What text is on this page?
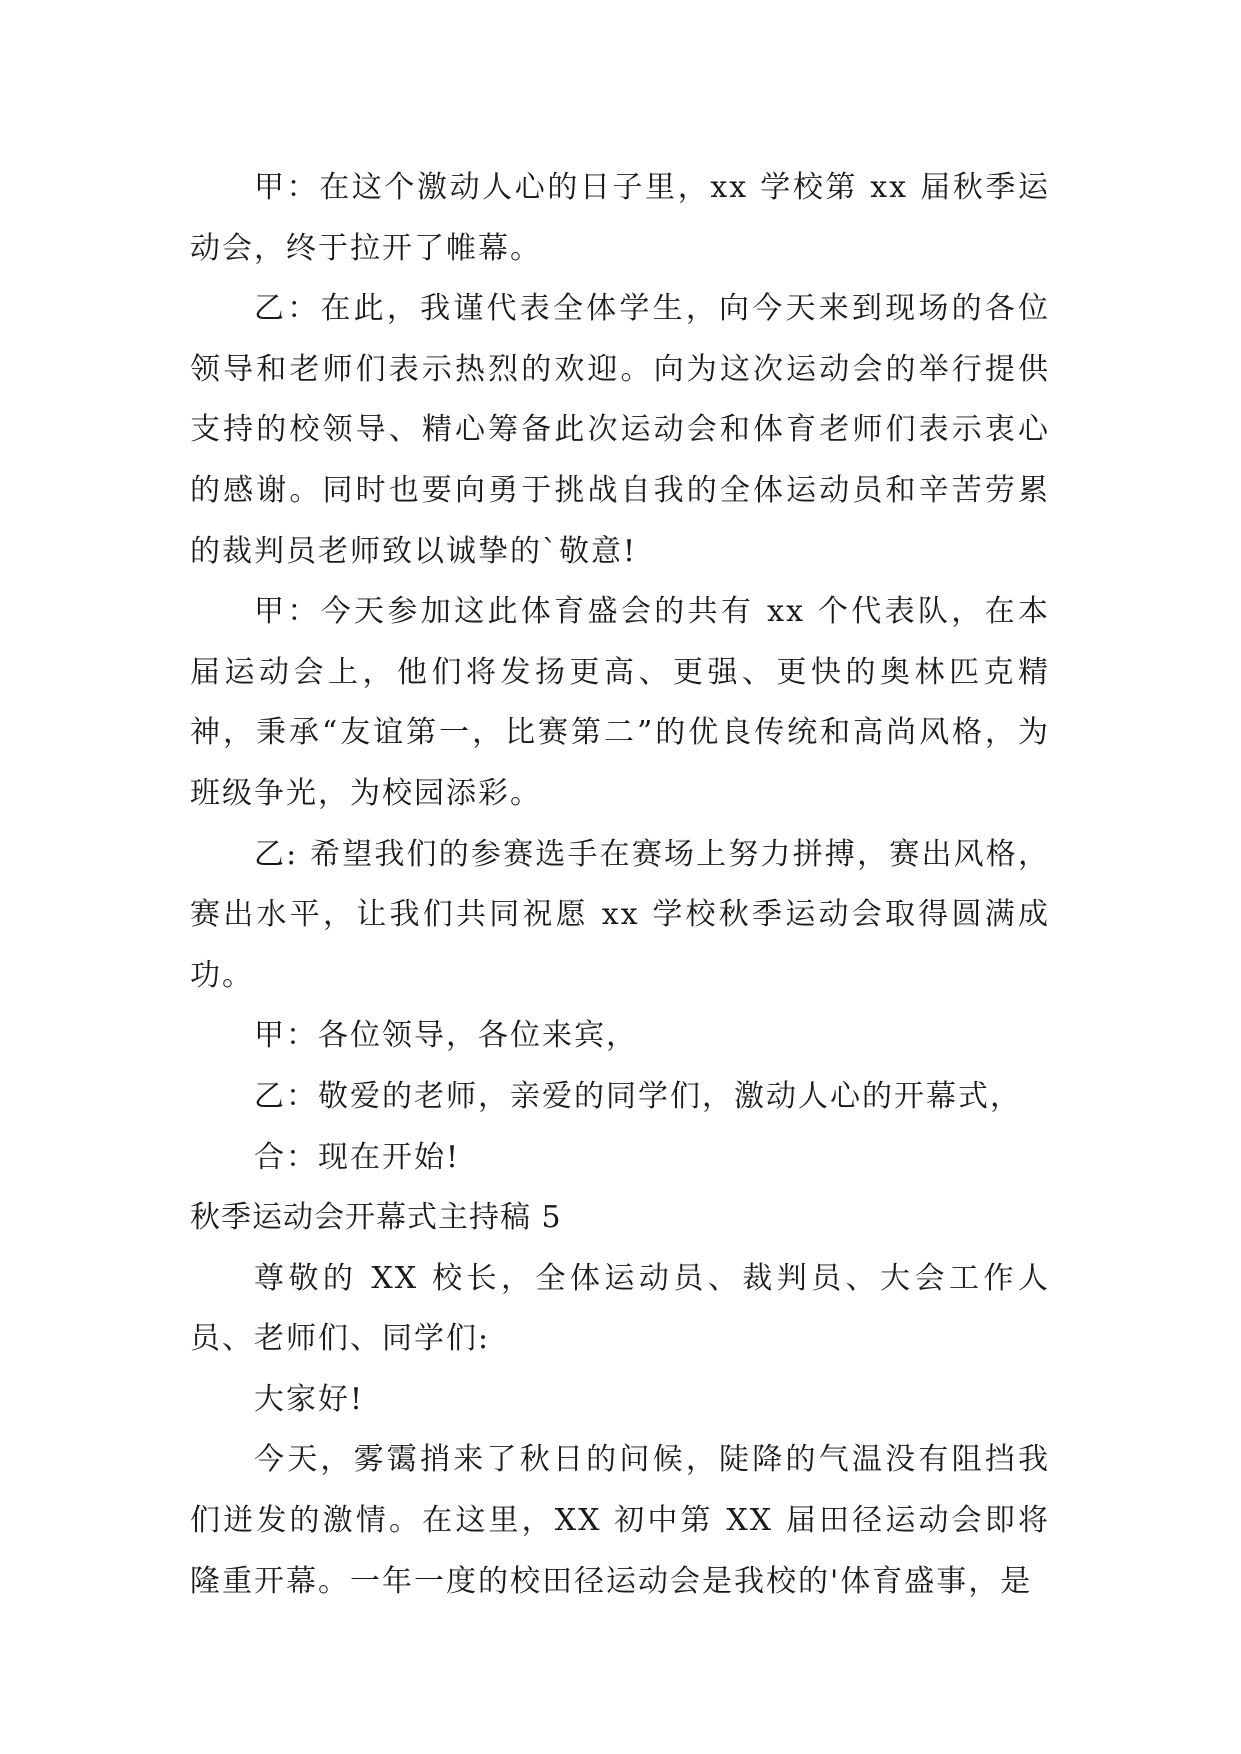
甲：在这个激动人心的日子里，xx 学校第 xx 届秋季运动会，终于拉开了帷幕。

乙：在此，我谨代表全体学生，向今天来到现场的各位领导和老师们表示热烈的欢迎。向为这次运动会的举行提供支持的校领导、精心筹备此次运动会和体育老师们表示衷心的感谢。同时也要向勇于挑战自我的全体运动员和辛苦劳累的裁判员老师致以诚挚的`敬意!

甲：今天参加这此体育盛会的共有 xx 个代表队，在本届运动会上，他们将发扬更高、更强、更快的奥林匹克精神，秉承“友谊第一，比赛第二”的优良传统和高尚风格，为班级争光，为校园添彩。

乙: 希望我们的参赛选手在赛场上努力拼搏，赛出风格，赛出水平，让我们共同祝愿 xx 学校秋季运动会取得圆满成功。

甲：各位领导，各位来宾，

乙：敬爱的老师，亲爱的同学们，激动人心的开幕式，

合：现在开始!

秋季运动会开幕式主持稿 5

尊敬的 XX 校长，全体运动员、裁判员、大会工作人员、老师们、同学们:

大家好!

今天，雾霭捎来了秋日的问候，陡降的气温没有阻挡我们迸发的激情。在这里，XX 初中第 XX 届田径运动会即将隆重开幕。一年一度的校田径运动会是我校的'体育盛事，是
